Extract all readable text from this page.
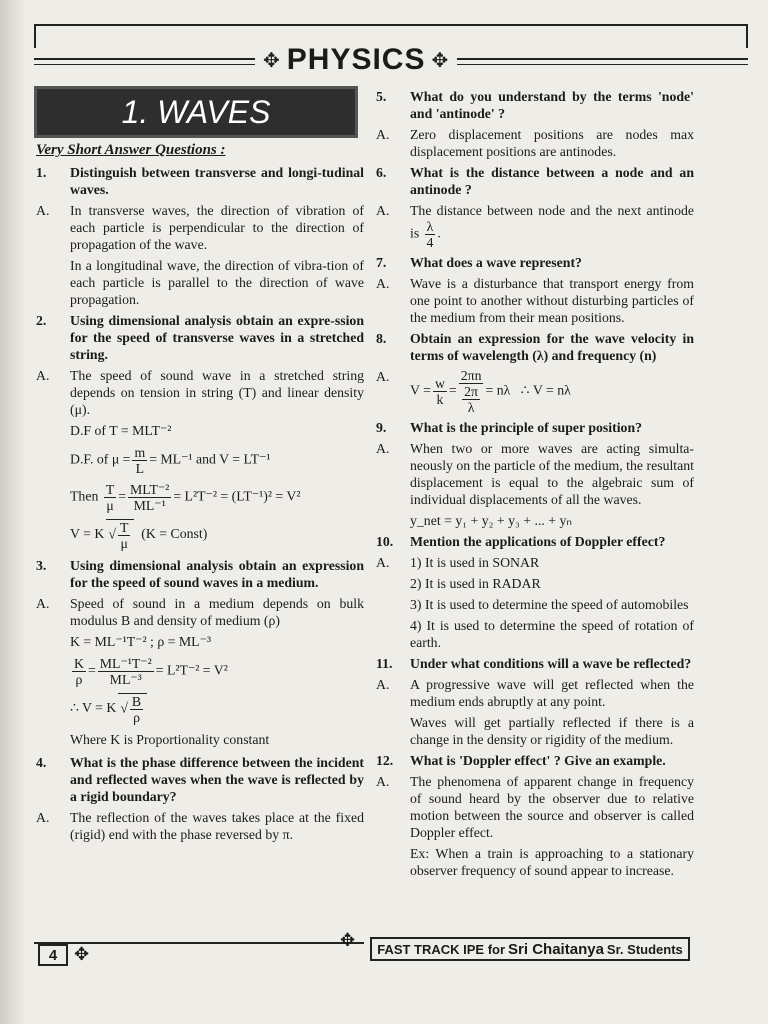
✥ PHYSICS ✥
1. WAVES
Very Short Answer Questions :
1.	Distinguish between transverse and longi-tudinal waves.
A.	In transverse waves, the direction of vibration of each particle is perpendicular to the direction of propagation of the wave.
In a longitudinal wave, the direction of vibra-tion of each particle is parallel to the direction of wave propagation.
2.	Using dimensional analysis obtain an expre-ssion for the speed of transverse waves in a stretched string.
A.	The speed of sound wave in a stretched string depends on tension in string (T) and linear density (μ).
D.F of T = MLT⁻²
D.F. of $\mu = \frac{m}{L} = ML^{-1}$ and V = LT⁻¹
Then $\frac{T}{\mu} = \frac{\text{MLT⁻²}}{\text{ML⁻¹}} = L^2T^{-2} = (LT^{-1})^2 = V^2$
V = K √ $\frac{T}{\mu} (K$ = Const)
3.	Using dimensional analysis obtain an expression for the speed of sound waves in a medium.
A.	Speed of sound in a medium depends on bulk modulus B and density of medium (ρ)
K = ML⁻¹T⁻² ; ρ = ML⁻³
$\frac{K}{\rho} = \frac{\text{ML⁻¹T⁻²}}{\text{ML⁻³}} = L^2T^{-2} = V^2$
∴ V = K √ $\frac{B}{\rho}$
Where K is Proportionality constant
4.	What is the phase difference between the incident and reflected waves when the wave is reflected by a rigid boundary?
A.	The reflection of the waves takes place at the fixed (rigid) end with the phase reversed by π.
5.	What do you understand by the terms 'node' and 'antinode' ?
A.	Zero displacement positions are nodes max displacement positions are antinodes.
6.	What is the distance between a node and an antinode ?
A.	The distance between node and the next antinode is $\frac{\lambda}{4}$ .
7.	What does a wave represent?
A.	Wave is a disturbance that transport energy from one point to another without disturbing particles of the medium from their mean positions.
8.	Obtain an expression for the wave velocity in terms of wavelength (λ) and frequency (n)
A.
$V = \frac{w}{k} = \frac{2\pi n}{\frac{2\pi}{\lambda}} = n\lambda$ ∴ V = nλ
9.	What is the principle of super position?
A.	When two or more waves are acting simulta-neously on the particle of the medium, the resultant displacement is equal to the algebraic sum of individual displacements of all the waves.
y_net = y₁ + y₂ + y₃ + ... + yₙ
10.	Mention the applications of Doppler effect?
A.	1) It is used in SONAR
2) It is used in RADAR
3) It is used to determine the speed of automobiles
4) It is used to determine the speed of rotation of earth.
11.	Under what conditions will a wave be reflected?
A.	A progressive wave will get reflected when the medium ends abruptly at any point.
Waves will get partially reflected if there is a change in the density or rigidity of the medium.
12.	What is 'Doppler effect' ? Give an example.
A.	The phenomena of apparent change in frequency of sound heard by the observer due to relative motion between the source and observer is called Doppler effect.
Ex: When a train is approaching to a stationary observer frequency of sound appear to increase.
4 ✥
✥ FAST TRACK IPE for Sri Chaitanya Sr. Students
